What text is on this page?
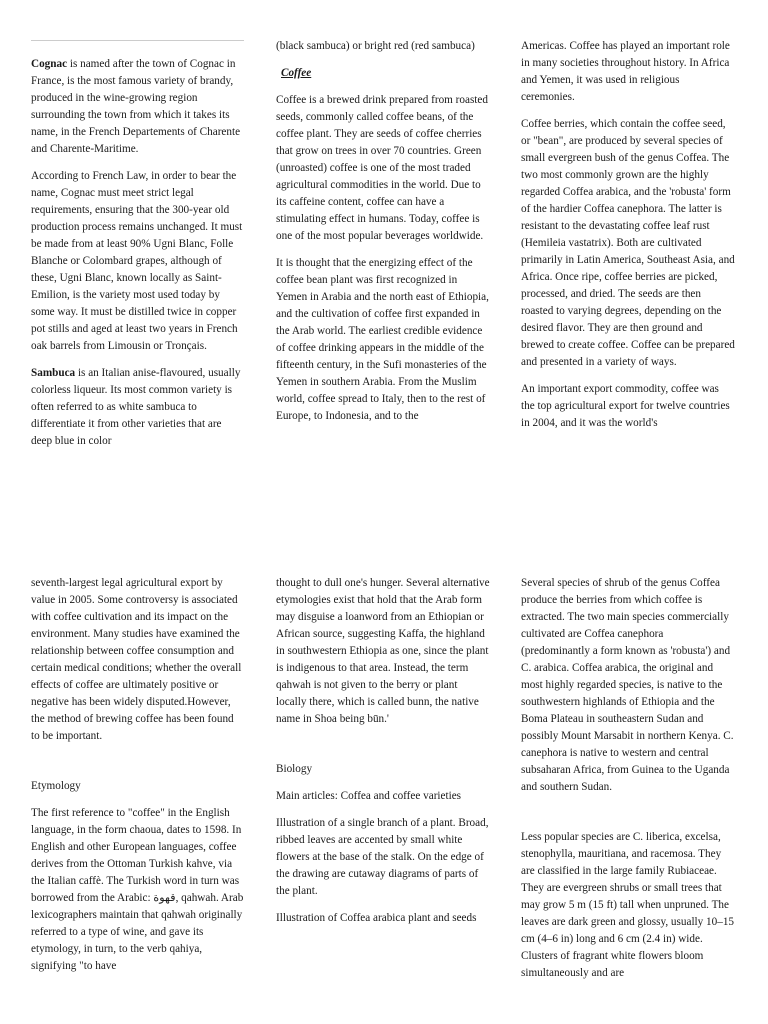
Cognac is named after the town of Cognac in France, is the most famous variety of brandy, produced in the wine-growing region surrounding the town from which it takes its name, in the French Departements of Charente and Charente-Maritime.

According to French Law, in order to bear the name, Cognac must meet strict legal requirements, ensuring that the 300-year old production process remains unchanged. It must be made from at least 90% Ugni Blanc, Folle Blanche or Colombard grapes, although of these, Ugni Blanc, known locally as Saint-Emilion, is the variety most used today by some way. It must be distilled twice in copper pot stills and aged at least two years in French oak barrels from Limousin or Tronçais.

Sambuca is an Italian anise-flavoured, usually colorless liqueur. Its most common variety is often referred to as white sambuca to differentiate it from other varieties that are deep blue in color

(black sambuca) or bright red (red sambuca)

Coffee

Coffee is a brewed drink prepared from roasted seeds, commonly called coffee beans, of the coffee plant. They are seeds of coffee cherries that grow on trees in over 70 countries. Green (unroasted) coffee is one of the most traded agricultural commodities in the world. Due to its caffeine content, coffee can have a stimulating effect in humans. Today, coffee is one of the most popular beverages worldwide.

It is thought that the energizing effect of the coffee bean plant was first recognized in Yemen in Arabia and the north east of Ethiopia, and the cultivation of coffee first expanded in the Arab world. The earliest credible evidence of coffee drinking appears in the middle of the fifteenth century, in the Sufi monasteries of the Yemen in southern Arabia. From the Muslim world, coffee spread to Italy, then to the rest of Europe, to Indonesia, and to the

Americas. Coffee has played an important role in many societies throughout history. In Africa and Yemen, it was used in religious ceremonies.

Coffee berries, which contain the coffee seed, or "bean", are produced by several species of small evergreen bush of the genus Coffea. The two most commonly grown are the highly regarded Coffea arabica, and the 'robusta' form of the hardier Coffea canephora. The latter is resistant to the devastating coffee leaf rust (Hemileia vastatrix). Both are cultivated primarily in Latin America, Southeast Asia, and Africa. Once ripe, coffee berries are picked, processed, and dried. The seeds are then roasted to varying degrees, depending on the desired flavor. They are then ground and brewed to create coffee. Coffee can be prepared and presented in a variety of ways.

An important export commodity, coffee was the top agricultural export for twelve countries in 2004, and it was the world's

seventh-largest legal agricultural export by value in 2005. Some controversy is associated with coffee cultivation and its impact on the environment. Many studies have examined the relationship between coffee consumption and certain medical conditions; whether the overall effects of coffee are ultimately positive or negative has been widely disputed.However, the method of brewing coffee has been found to be important.

Etymology

The first reference to "coffee" in the English language, in the form chaoua, dates to 1598. In English and other European languages, coffee derives from the Ottoman Turkish kahve, via the Italian caffè. The Turkish word in turn was borrowed from the Arabic: قهوة, qahwah. Arab lexicographers maintain that qahwah originally referred to a type of wine, and gave its etymology, in turn, to the verb qahiya, signifying "to have

thought to dull one's hunger. Several alternative etymologies exist that hold that the Arab form may disguise a loanword from an Ethiopian or African source, suggesting Kaffa, the highland in southwestern Ethiopia as one, since the plant is indigenous to that area. Instead, the term qahwah is not given to the berry or plant locally there, which is called bunn, the native name in Shoa being būn.'

Biology

Main articles: Coffea and coffee varieties

Illustration of a single branch of a plant. Broad, ribbed leaves are accented by small white flowers at the base of the stalk. On the edge of the drawing are cutaway diagrams of parts of the plant.

Illustration of Coffea arabica plant and seeds

Several species of shrub of the genus Coffea produce the berries from which coffee is extracted. The two main species commercially cultivated are Coffea canephora (predominantly a form known as 'robusta') and C. arabica. Coffea arabica, the original and most highly regarded species, is native to the southwestern highlands of Ethiopia and the Boma Plateau in southeastern Sudan and possibly Mount Marsabit in northern Kenya. C. canephora is native to western and central subsaharan Africa, from Guinea to the Uganda and southern Sudan.

Less popular species are C. liberica, excelsa, stenophylla, mauritiana, and racemosa. They are classified in the large family Rubiaceae. They are evergreen shrubs or small trees that may grow 5 m (15 ft) tall when unpruned. The leaves are dark green and glossy, usually 10–15 cm (4–6 in) long and 6 cm (2.4 in) wide. Clusters of fragrant white flowers bloom simultaneously and are
